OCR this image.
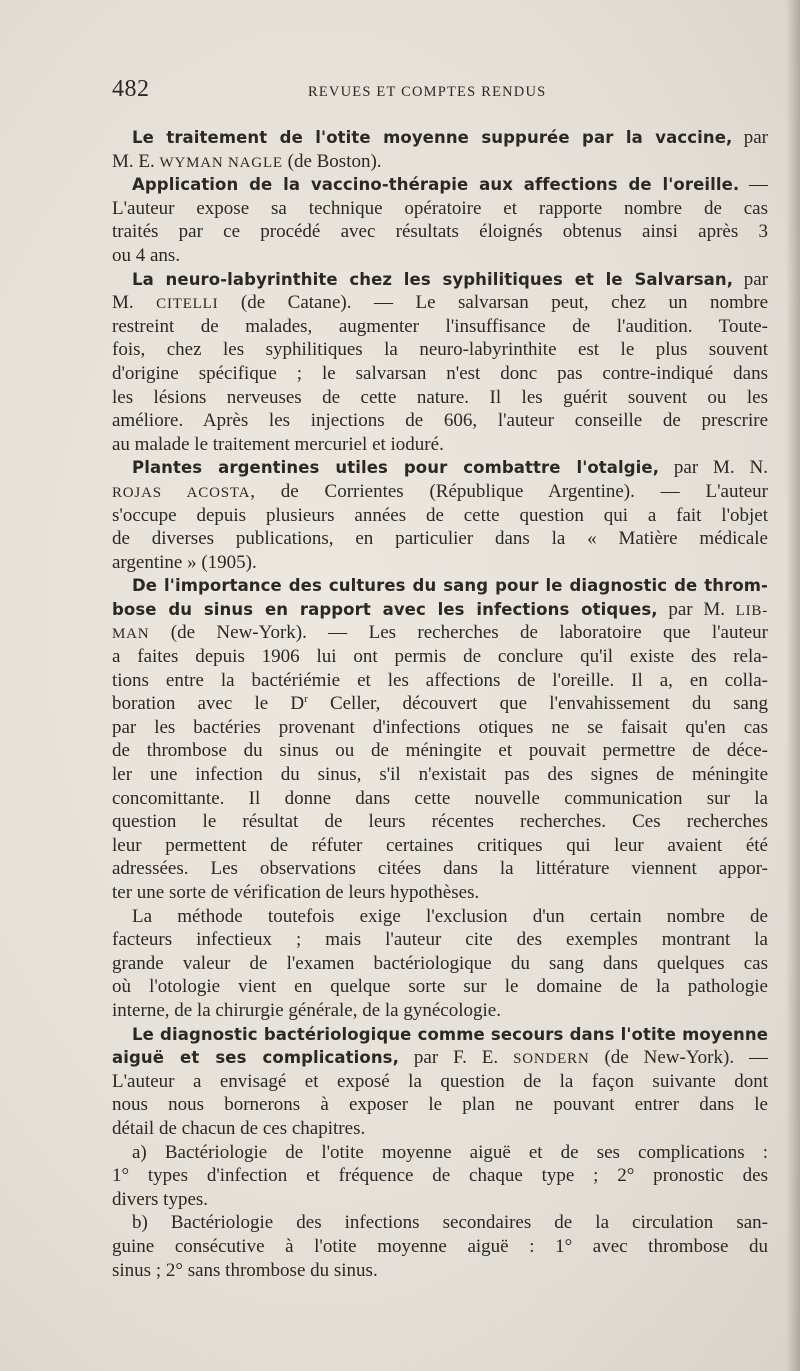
482	REVUES ET COMPTES RENDUS
Le traitement de l'otite moyenne suppurée par la vaccine, par
M. E. WYMAN NAGLE (de Boston).
Application de la vaccino-thérapie aux affections de l'oreille. —
L'auteur expose sa technique opératoire et rapporte nombre de cas
traités par ce procédé avec résultats éloignés obtenus ainsi après 3
ou 4 ans.
La neuro-labyrinthite chez les syphilitiques et le Salvarsan, par
M. CITELLI (de Catane). — Le salvarsan peut, chez un nombre
restreint de malades, augmenter l'insuffisance de l'audition. Toute-
fois, chez les syphilitiques la neuro-labyrinthite est le plus souvent
d'origine spécifique ; le salvarsan n'est donc pas contre-indiqué dans
les lésions nerveuses de cette nature. Il les guérit souvent ou les
améliore. Après les injections de 606, l'auteur conseille de prescrire
au malade le traitement mercuriel et ioduré.
Plantes argentines utiles pour combattre l'otalgie, par M. N.
ROJAS ACOSTA, de Corrientes (République Argentine). — L'auteur
s'occupe depuis plusieurs années de cette question qui a fait l'objet
de diverses publications, en particulier dans la « Matière médicale
argentine » (1905).
De l'importance des cultures du sang pour le diagnostic de throm-
bose du sinus en rapport avec les infections otiques, par M. LIB-
MAN (de New-York). — Les recherches de laboratoire que l'auteur
a faites depuis 1906 lui ont permis de conclure qu'il existe des rela-
tions entre la bactériémie et les affections de l'oreille. Il a, en colla-
boration avec le $D^r$ Celler, découvert que l'envahissement du sang
par les bactéries provenant d'infections otiques ne se faisait qu'en cas
de thrombose du sinus ou de méningite et pouvait permettre de déce-
ler une infection du sinus, s'il n'existait pas des signes de méningite
concomittante. Il donne dans cette nouvelle communication sur la
question le résultat de leurs récentes recherches. Ces recherches
leur permettent de réfuter certaines critiques qui leur avaient été
adressées. Les observations citées dans la littérature viennent appor-
ter une sorte de vérification de leurs hypothèses.
La méthode toutefois exige l'exclusion d'un certain nombre de
facteurs infectieux ; mais l'auteur cite des exemples montrant la
grande valeur de l'examen bactériologique du sang dans quelques cas
où l'otologie vient en quelque sorte sur le domaine de la pathologie
interne, de la chirurgie générale, de la gynécologie.
Le diagnostic bactériologique comme secours dans l'otite moyenne
aiguë et ses complications, par F. E. SONDERN (de New-York). —
L'auteur a envisagé et exposé la question de la façon suivante dont
nous nous bornerons à exposer le plan ne pouvant entrer dans le
détail de chacun de ces chapitres.
a) Bactériologie de l'otite moyenne aiguë et de ses complications :
1° types d'infection et fréquence de chaque type ; 2° pronostic des
divers types.
b) Bactériologie des infections secondaires de la circulation san-
guine consécutive à l'otite moyenne aiguë : 1° avec thrombose du
sinus ; 2° sans thrombose du sinus.
